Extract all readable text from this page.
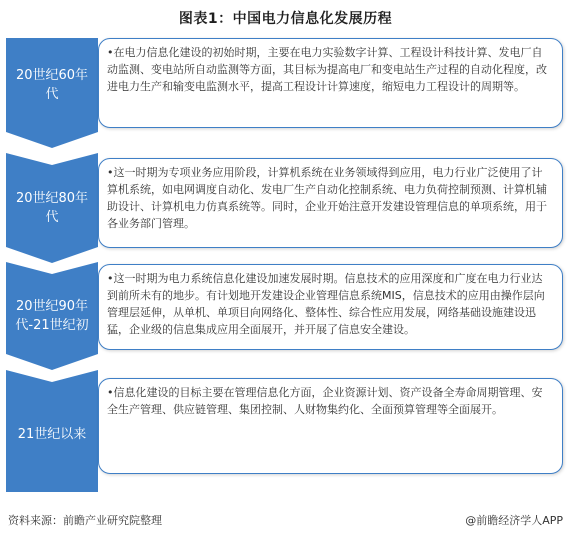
图表1：中国电力信息化发展历程
20世纪60年代
•在电力信息化建设的初始时期，主要在电力实验数字计算、工程设计科技计算、发电厂自动监测、变电站所自动监测等方面，其目标为提高电厂和变电站生产过程的自动化程度，改进电力生产和输变电监测水平，提高工程设计计算速度，缩短电力工程设计的周期等。
20世纪80年代
•这一时期为专项业务应用阶段，计算机系统在业务领域得到应用，电力行业广泛使用了计算机系统，如电网调度自动化、发电厂生产自动化控制系统、电力负荷控制预测、计算机辅助设计、计算机电力仿真系统等。同时，企业开始注意开发建设管理信息的单项系统，用于各业务部门管理。
20世纪90年代-21世纪初
•这一时期为电力系统信息化建设加速发展时期。信息技术的应用深度和广度在电力行业达到前所未有的地步。有计划地开发建设企业管理信息系统MIS，信息技术的应用由操作层向管理层延伸，从单机、单项目向网络化、整体性、综合性应用发展，网络基础设施建设迅猛，企业级的信息集成应用全面展开，并开展了信息安全建设。
21世纪以来
•信息化建设的目标主要在管理信息化方面，企业资源计划、资产设备全寿命周期管理、安全生产管理、供应链管理、集团控制、人财物集约化、全面预算管理等全面展开。
资料来源：前瞻产业研究院整理	@前瞻经济学人APP
